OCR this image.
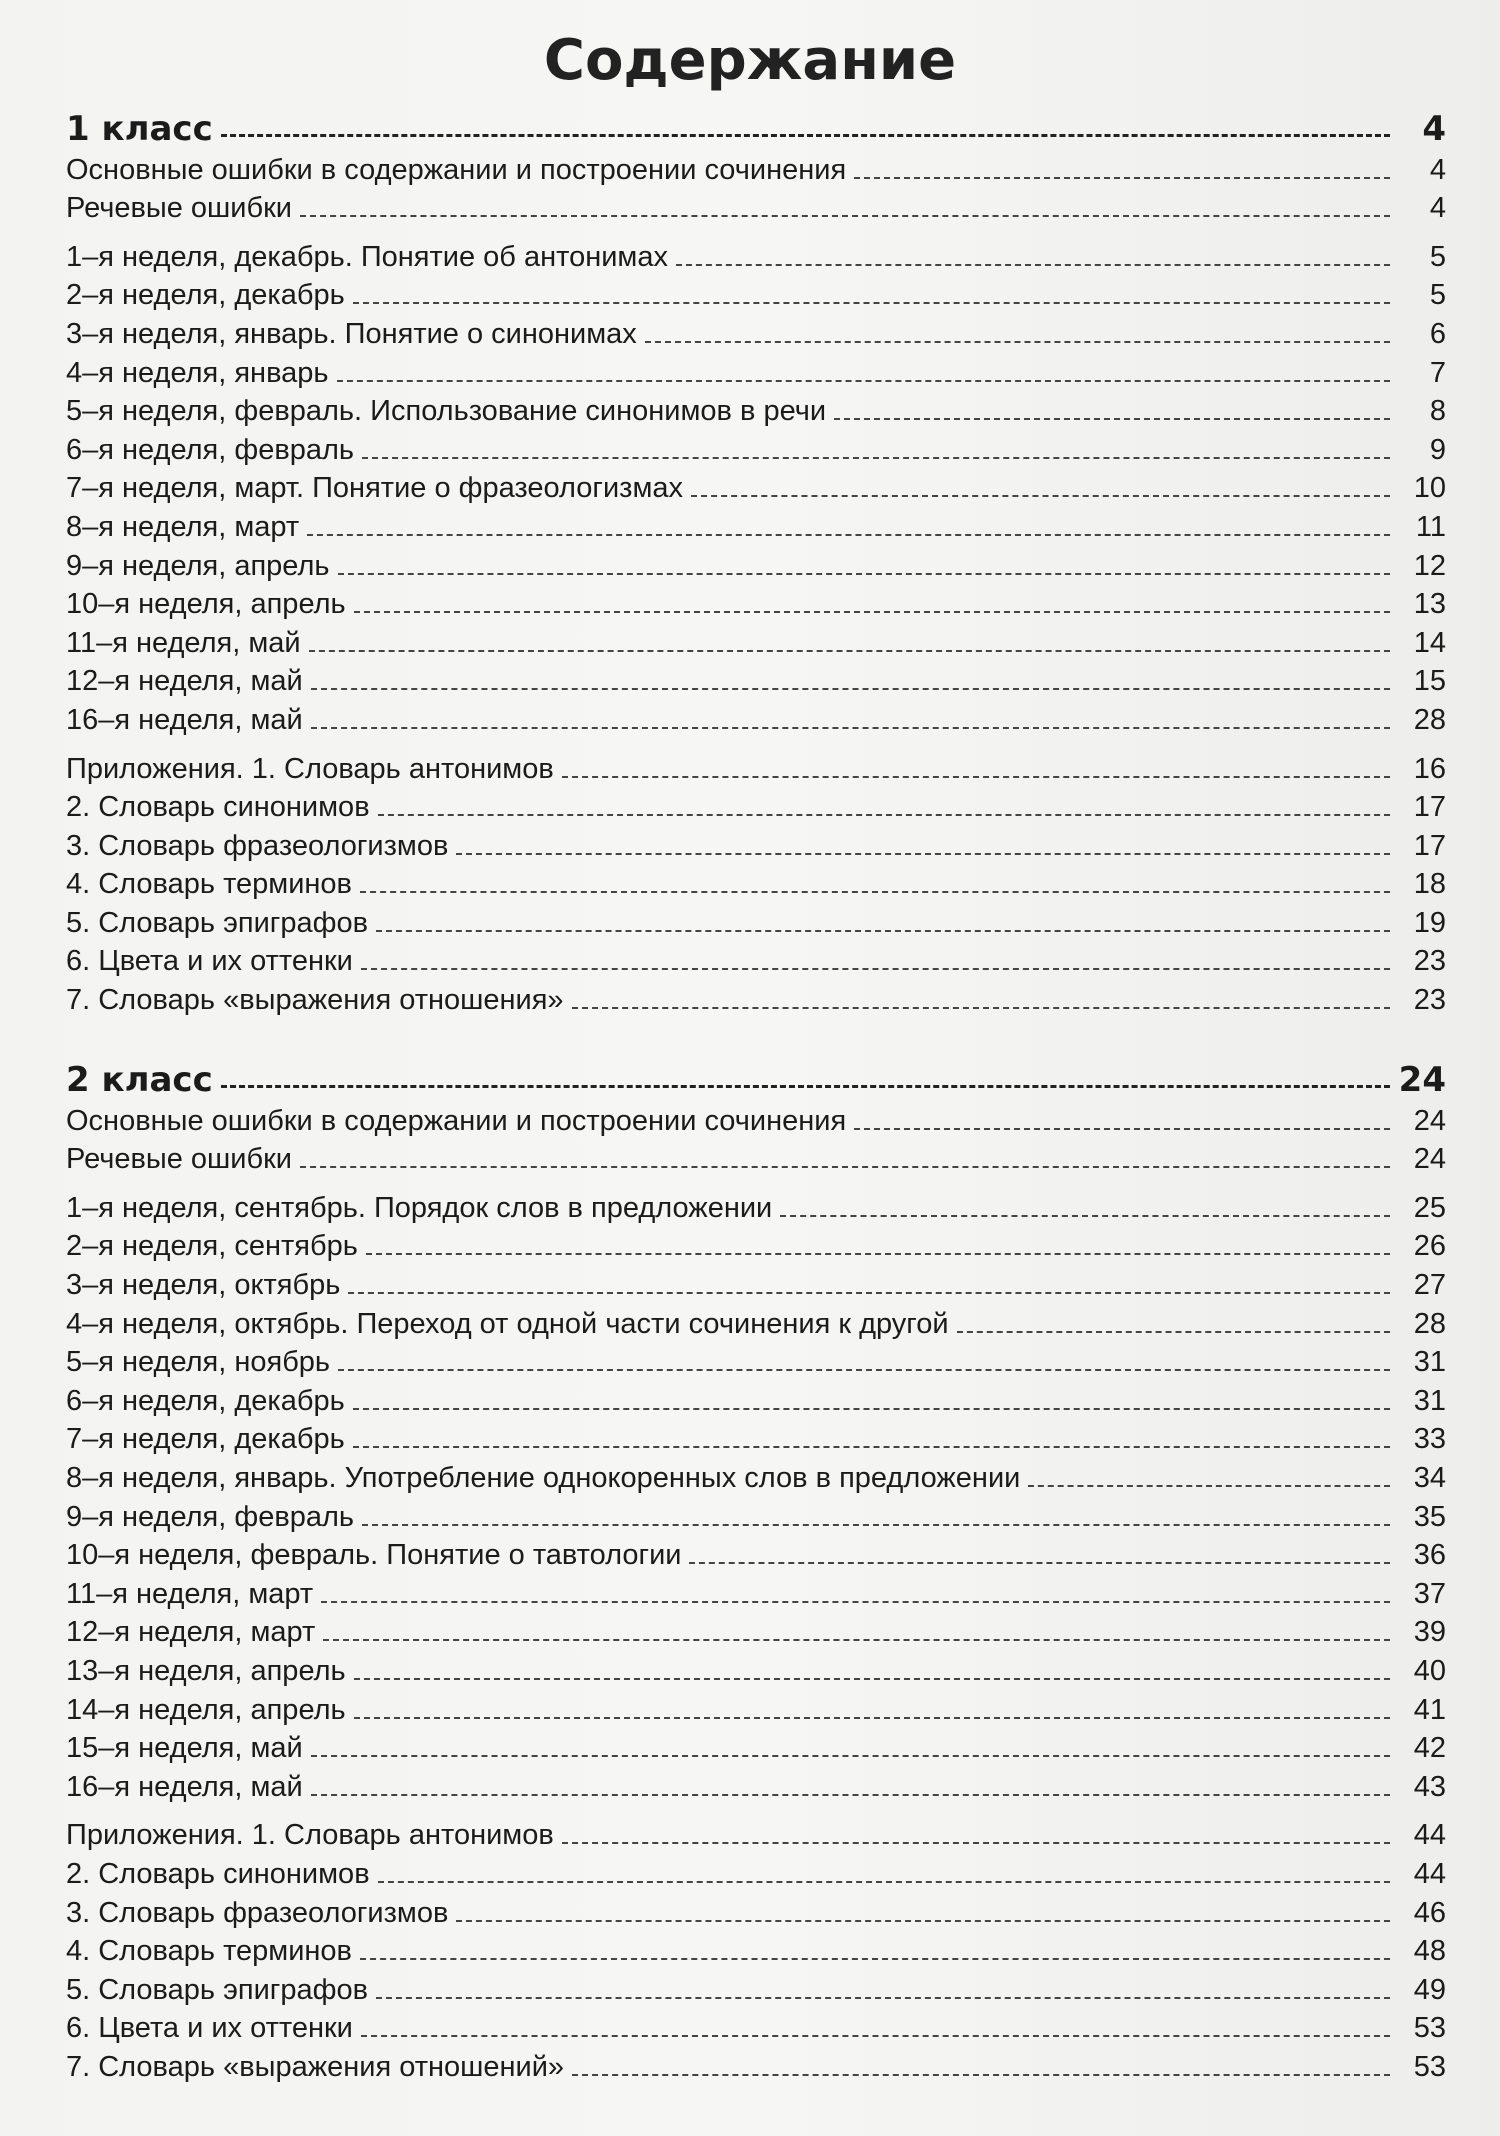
Содержание
1 класс	4
Основные ошибки в содержании и построении сочинения	4
Речевые ошибки	4
1–я неделя, декабрь. Понятие об антонимах	5
2–я неделя, декабрь	5
3–я неделя, январь. Понятие о синонимах	6
4–я неделя, январь	7
5–я неделя, февраль. Использование синонимов в речи	8
6–я неделя, февраль	9
7–я неделя, март. Понятие о фразеологизмах	10
8–я неделя, март	11
9–я неделя, апрель	12
10–я неделя, апрель	13
11–я неделя, май	14
12–я неделя, май	15
16–я неделя, май	28
Приложения. 1. Словарь антонимов	16
2. Словарь синонимов	17
3. Словарь фразеологизмов	17
4. Словарь терминов	18
5. Словарь эпиграфов	19
6. Цвета и их оттенки	23
7. Словарь «выражения отношения»	23
2 класс	24
Основные ошибки в содержании и построении сочинения	24
Речевые ошибки	24
1–я неделя, сентябрь. Порядок слов в предложении	25
2–я неделя, сентябрь	26
3–я неделя, октябрь	27
4–я неделя, октябрь. Переход от одной части сочинения к другой	28
5–я неделя, ноябрь	31
6–я неделя, декабрь	31
7–я неделя, декабрь	33
8–я неделя, январь. Употребление однокоренных слов в предложении	34
9–я неделя, февраль	35
10–я неделя, февраль. Понятие о тавтологии	36
11–я неделя, март	37
12–я неделя, март	39
13–я неделя, апрель	40
14–я неделя, апрель	41
15–я неделя, май	42
16–я неделя, май	43
Приложения. 1. Словарь антонимов	44
2. Словарь синонимов	44
3. Словарь фразеологизмов	46
4. Словарь терминов	48
5. Словарь эпиграфов	49
6. Цвета и их оттенки	53
7. Словарь «выражения отношений»	53
